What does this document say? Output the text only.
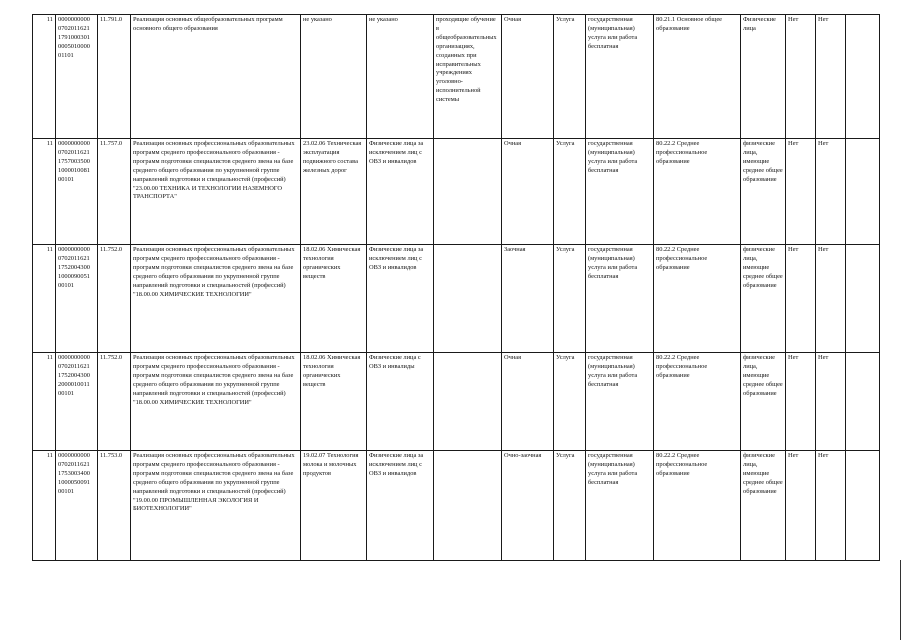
11	0000000000 0702011621 1791000301 0005010000 01101	11.791.0	Реализация основных общеобразовательных программ основного общего образования	не указано	не указано	проходящие обучение в общеобразовательных организациях, созданных при исправительных учреждениях уголовно-исполнительной системы	Очная	Услуга	государственная (муниципальная) услуга или работа бесплатная	80.21.1 Основное общее образование	Физические лица	Нет	Нет	
11	0000000000 0702011621 1757003500 1000010081 00101	11.757.0	Реализация основных профессиональных образовательных программ среднего профессионального образования - программ подготовки специалистов среднего звена на базе среднего общего образования по укрупненной группе направлений подготовки и специальностей (профессий) "23.00.00 ТЕХНИКА И ТЕХНОЛОГИИ НАЗЕМНОГО ТРАНСПОРТА"	23.02.06 Техническая эксплуатация подвижного состава железных дорог	Физические лица за исключением лиц с ОВЗ и инвалидов		Очная	Услуга	государственная (муниципальная) услуга или работа бесплатная	80.22.2 Среднее профессиональное образование	физические лица, имеющие среднее общее образование	Нет	Нет	
11	0000000000 0702011621 1752004300 1000090051 00101	11.752.0	Реализация основных профессиональных образовательных программ среднего профессионального образования - программ подготовки специалистов среднего звена на базе среднего общего образования по укрупненной группе направлений подготовки и специальностей (профессий) "18.00.00 ХИМИЧЕСКИЕ ТЕХНОЛОГИИ"	18.02.06 Химическая технология органических веществ	Физические лица за исключением лиц с ОВЗ и инвалидов		Заочная	Услуга	государственная (муниципальная) услуга или работа бесплатная	80.22.2 Среднее профессиональное образование	физические лица, имеющие среднее общее образование	Нет	Нет	
11	0000000000 0702011621 1752004300 2000010011 00101	11.752.0	Реализация основных профессиональных образовательных программ среднего профессионального образования - программ подготовки специалистов среднего звена на базе среднего общего образования по укрупненной группе направлений подготовки и специальностей (профессий) "18.00.00 ХИМИЧЕСКИЕ ТЕХНОЛОГИИ"	18.02.06 Химическая технология органических веществ	Физические лица с ОВЗ и инвалиды		Очная	Услуга	государственная (муниципальная) услуга или работа бесплатная	80.22.2 Среднее профессиональное образование	физические лица, имеющие среднее общее образование	Нет	Нет	
11	0000000000 0702011621 1753003400 1000050091 00101	11.753.0	Реализация основных профессиональных образовательных программ среднего профессионального образования - программ подготовки специалистов среднего звена на базе среднего общего образования по укрупненной группе направлений подготовки и специальностей (профессий) "19.00.00 ПРОМЫШЛЕННАЯ ЭКОЛОГИЯ И БИОТЕХНОЛОГИИ"	19.02.07 Технология молока и молочных продуктов	Физические лица за исключением лиц с ОВЗ и инвалидов		Очно-заочная	Услуга	государственная (муниципальная) услуга или работа бесплатная	80.22.2 Среднее профессиональное образование	физические лица, имеющие среднее общее образование	Нет	Нет	
